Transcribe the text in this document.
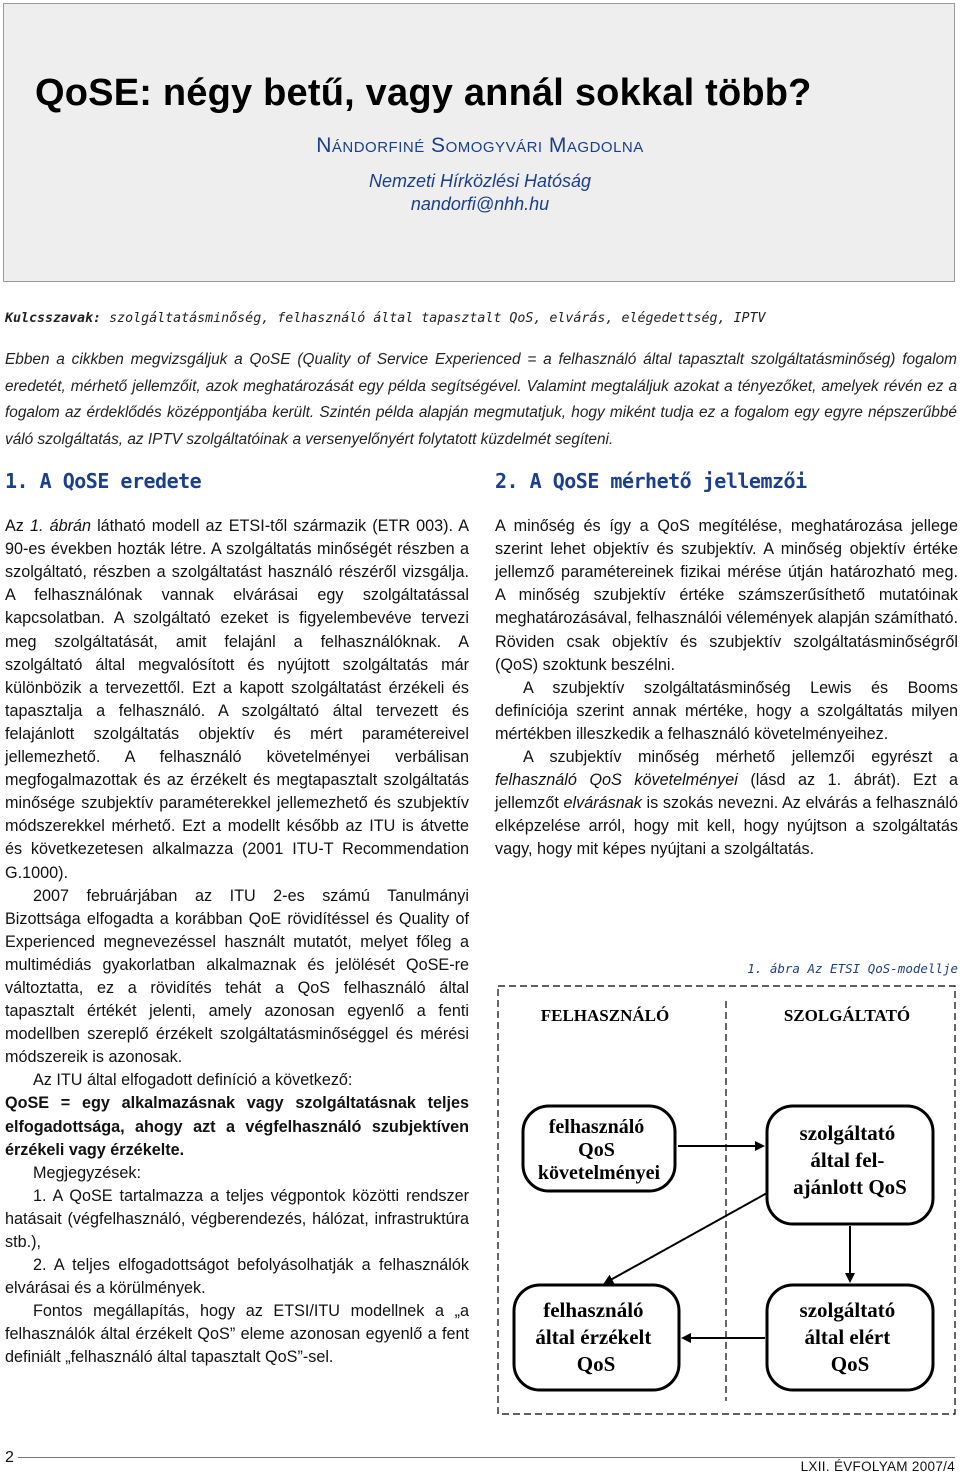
QoSE: négy betű, vagy annál sokkal több?
Nándorfiné Somogyvári Magdolna
Nemzeti Hírközlési Hatóság
nandorfi@nhh.hu
Kulcsszavak: szolgáltatásminőség, felhasználó által tapasztalt QoS, elvárás, elégedettség, IPTV
Ebben a cikkben megvizsgáljuk a QoSE (Quality of Service Experienced = a felhasználó által tapasztalt szolgáltatásminőség) fogalom eredetét, mérhető jellemzőit, azok meghatározását egy példa segítségével. Valamint megtaláljuk azokat a tényezőket, amelyek révén ez a fogalom az érdeklődés középpontjába került. Szintén példa alapján megmutatjuk, hogy miként tudja ez a fogalom egy egyre népszerűbbé váló szolgáltatás, az IPTV szolgáltatóinak a versenyelőnyért folytatott küzdelmét segíteni.
1. A QoSE eredete

Az 1. ábrán látható modell az ETSI-től származik (ETR 003). A 90-es években hozták létre. A szolgáltatás minőségét részben a szolgáltató, részben a szolgáltatást használó részéről vizsgálja. A felhasználónak vannak elvárásai egy szolgáltatással kapcsolatban. A szolgáltató ezeket is figyelembevéve tervezi meg szolgáltatását, amit felajánl a felhasználóknak. A szolgáltató által megvalósított és nyújtott szolgáltatás már különbözik a tervezettől. Ezt a kapott szolgáltatást érzékeli és tapasztalja a felhasználó. A szolgáltató által tervezett és felajánlott szolgáltatás objektív és mért paramétereivel jellemezhető. A felhasználó követelményei verbálisan megfogalmazottak és az érzékelt és megtapasztalt szolgáltatás minősége szubjektív paraméterekkel jellemezhető és szubjektív módszerekkel mérhető. Ezt a modellt később az ITU is átvette és következetesen alkalmazza (2001 ITU-T Recommendation G.1000).

2007 februárjában az ITU 2-es számú Tanulmányi Bizottsága elfogadta a korábban QoE rövidítéssel és Quality of Experienced megnevezéssel használt mutatót, melyet főleg a multimédiás gyakorlatban alkalmaznak és jelölését QoSE-re változtatta, ez a rövidítés tehát a QoS felhasználó által tapasztalt értékét jelenti, amely azonosan egyenlő a fenti modellben szereplő érzékelt szolgáltatásminőséggel és mérési módszereik is azonosak.

Az ITU által elfogadott definíció a következő:

QoSE = egy alkalmazásnak vagy szolgáltatásnak teljes elfogadottsága, ahogy azt a végfelhasználó szubjektíven érzékeli vagy érzékelte.

Megjegyzések:

1. A QoSE tartalmazza a teljes végpontok közötti rendszer hatásait (végfelhasználó, végberendezés, hálózat, infrastruktúra stb.),

2. A teljes elfogadottságot befolyásolhatják a felhasználók elvárásai és a körülmények.

Fontos megállapítás, hogy az ETSI/ITU modellnek a „a felhasználók által érzékelt QoS” eleme azonosan egyenlő a fent definiált „felhasználó által tapasztalt QoS”-sel.

2. A QoSE mérhető jellemzői

A minőség és így a QoS megítélése, meghatározása jellege szerint lehet objektív és szubjektív. A minőség objektív értéke jellemző paramétereinek fizikai mérése útján határozható meg. A minőség szubjektív értéke számszerűsíthető mutatóinak meghatározásával, felhasználói vélemények alapján számítható. Röviden csak objektív és szubjektív szolgáltatásminőségről (QoS) szoktunk beszélni.

A szubjektív szolgáltatásminőség Lewis és Booms definíciója szerint annak mértéke, hogy a szolgáltatás milyen mértékben illeszkedik a felhasználó követelményeihez.

A szubjektív minőség mérhető jellemzői egyrészt a felhasználó QoS követelményei (lásd az 1. ábrát). Ezt a jellemzőt elvárásnak is szokás nevezni. Az elvárás a felhasználó elképzelése arról, hogy mit kell, hogy nyújtson a szolgáltatás vagy, hogy mit képes nyújtani a szolgáltatás.

1. ábra Az ETSI QoS-modellje
FELHASZNÁLÓ	SZOLGÁLTATÓ
felhasználó QoS követelményei
szolgáltató által fel- ajánlott QoS
felhasználó által érzékelt QoS
szolgáltató által elért QoS
2
LXII. ÉVFOLYAM 2007/4
